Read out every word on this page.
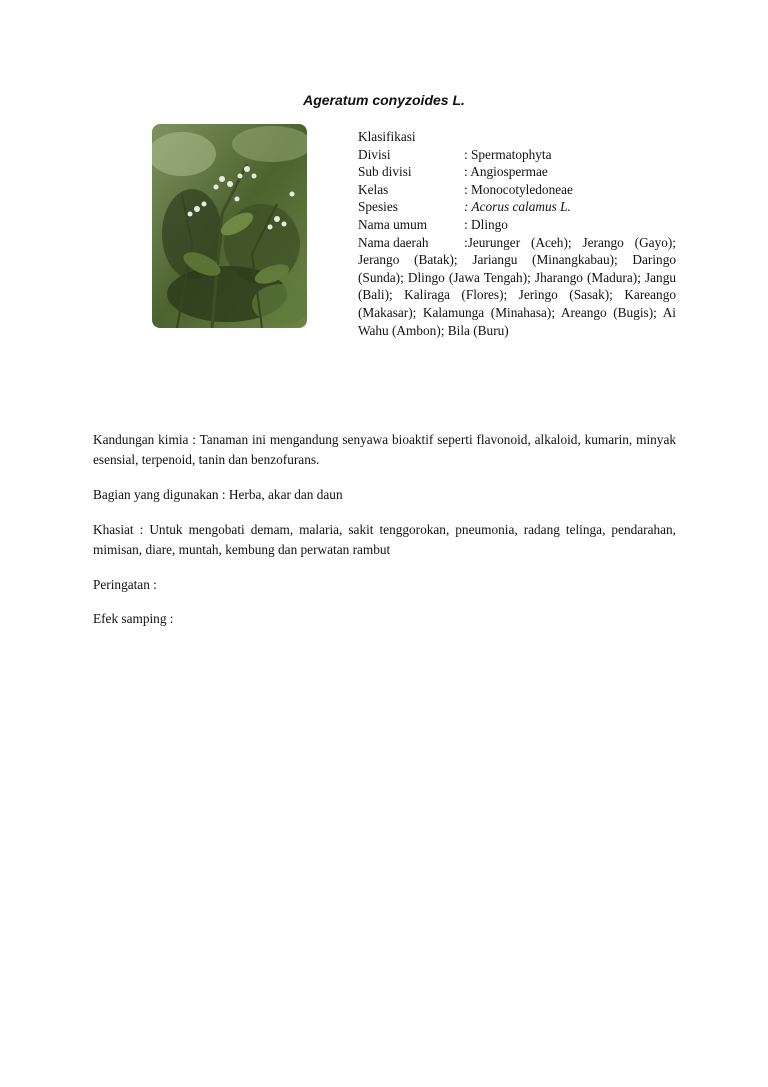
Ageratum conyzoides L.
Klasifikasi
Divisi	: Spermatophyta
Sub divisi	: Angiospermae
Kelas	: Monocotyledoneae
Spesies	: Acorus calamus L.
Nama umum	: Dlingo
Nama daerah	:Jeurunger (Aceh); Jerango (Gayo); Jerango (Batak); Jariangu (Minangkabau); Daringo (Sunda); Dlingo (Jawa Tengah); Jharango (Madura); Jangu (Bali); Kaliraga (Flores); Jeringo (Sasak); Kareango (Makasar); Kalamunga (Minahasa); Areango (Bugis); Ai Wahu (Ambon); Bila (Buru)
Kandungan kimia : Tanaman ini mengandung senyawa bioaktif seperti flavonoid, alkaloid, kumarin, minyak esensial, terpenoid, tanin dan benzofurans.
Bagian yang digunakan : Herba, akar dan daun
Khasiat : Untuk mengobati demam, malaria, sakit tenggorokan, pneumonia, radang telinga, pendarahan, mimisan, diare, muntah, kembung dan perwatan rambut
Peringatan :
Efek samping :
